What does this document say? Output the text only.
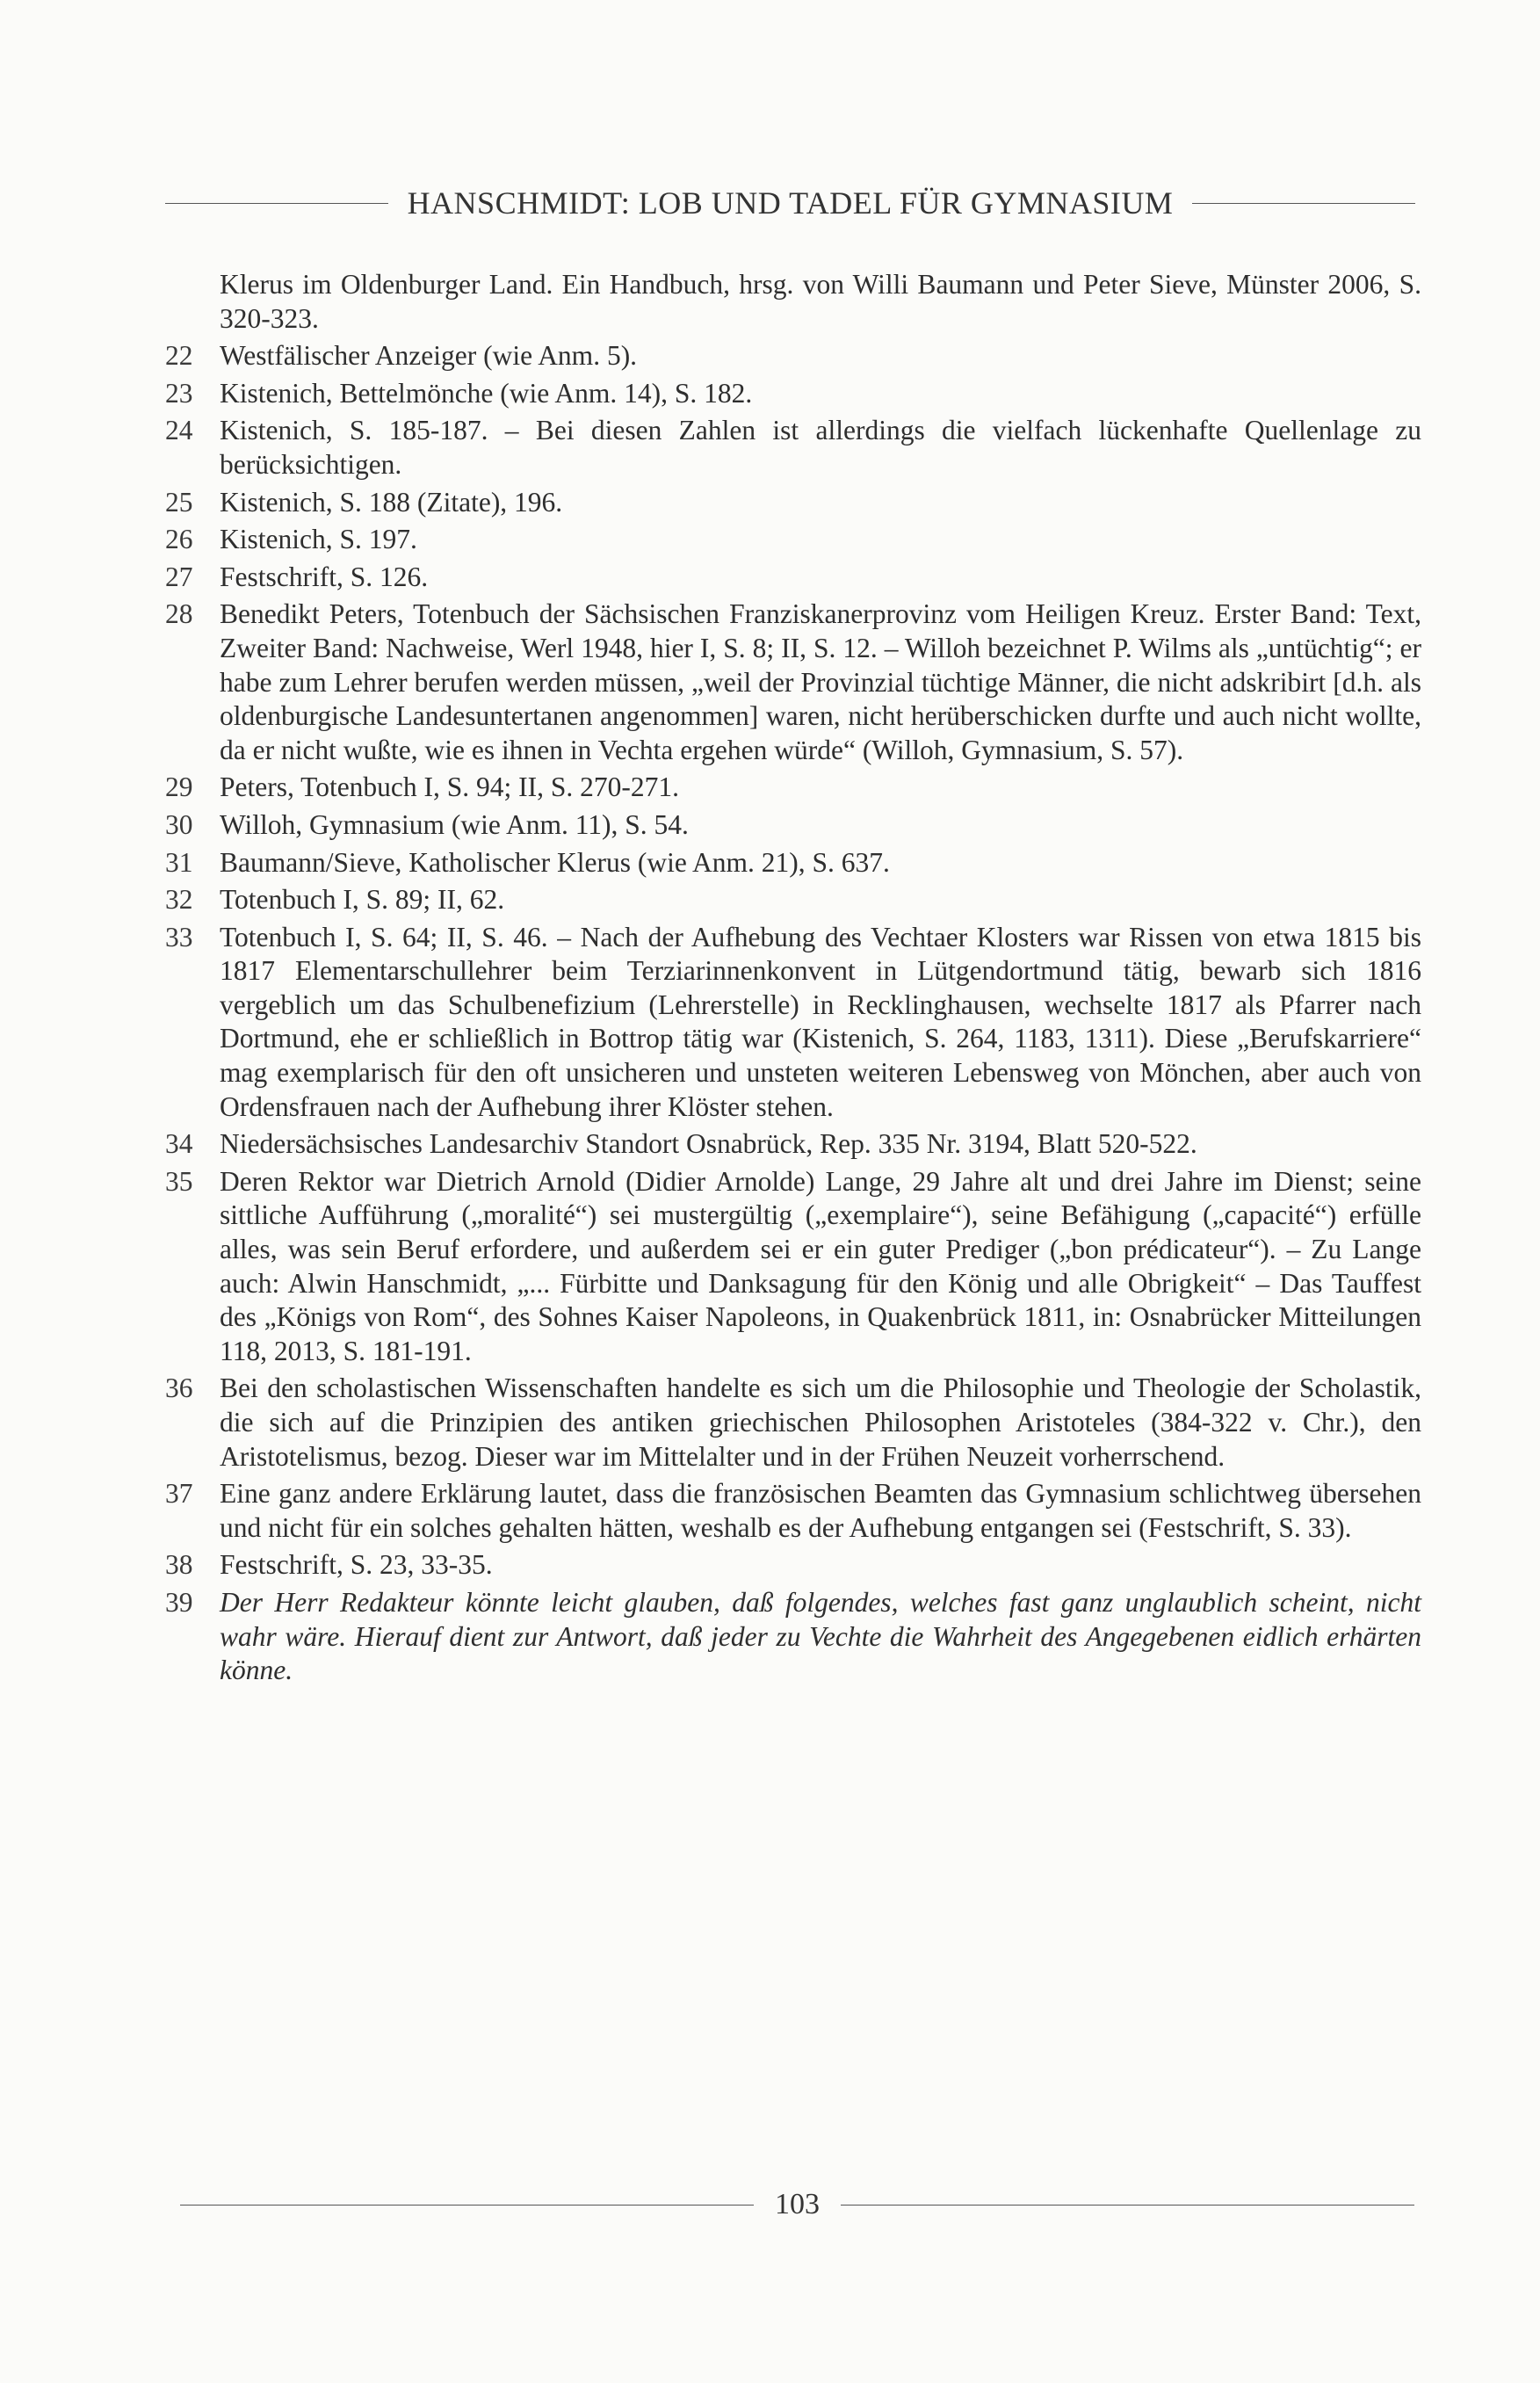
HANSCHMIDT: LOB UND TADEL FÜR GYMNASIUM
Klerus im Oldenburger Land. Ein Handbuch, hrsg. von Willi Baumann und Peter Sieve, Münster 2006, S. 320-323.
22 Westfälischer Anzeiger (wie Anm. 5).
23 Kistenich, Bettelmönche (wie Anm. 14), S. 182.
24 Kistenich, S. 185-187. – Bei diesen Zahlen ist allerdings die vielfach lückenhafte Quellenlage zu berücksichtigen.
25 Kistenich, S. 188 (Zitate), 196.
26 Kistenich, S. 197.
27 Festschrift, S. 126.
28 Benedikt Peters, Totenbuch der Sächsischen Franziskanerprovinz vom Heiligen Kreuz. Erster Band: Text, Zweiter Band: Nachweise, Werl 1948, hier I, S. 8; II, S. 12. – Willoh bezeichnet P. Wilms als „untüchtig“; er habe zum Lehrer berufen werden müssen, „weil der Provinzial tüchtige Männer, die nicht adskribirt [d.h. als oldenburgische Landesuntertanen angenommen] waren, nicht herüberschicken durfte und auch nicht wollte, da er nicht wußte, wie es ihnen in Vechta ergehen würde“ (Willoh, Gymnasium, S. 57).
29 Peters, Totenbuch I, S. 94; II, S. 270-271.
30 Willoh, Gymnasium (wie Anm. 11), S. 54.
31 Baumann/Sieve, Katholischer Klerus (wie Anm. 21), S. 637.
32 Totenbuch I, S. 89; II, 62.
33 Totenbuch I, S. 64; II, S. 46. – Nach der Aufhebung des Vechtaer Klosters war Rissen von etwa 1815 bis 1817 Elementarschullehrer beim Terziarinnenkonvent in Lütgendortmund tätig, bewarb sich 1816 vergeblich um das Schulbenefizium (Lehrerstelle) in Recklinghausen, wechselte 1817 als Pfarrer nach Dortmund, ehe er schließlich in Bottrop tätig war (Kistenich, S. 264, 1183, 1311). Diese „Berufskarriere“ mag exemplarisch für den oft unsicheren und unsteten weiteren Lebensweg von Mönchen, aber auch von Ordensfrauen nach der Aufhebung ihrer Klöster stehen.
34 Niedersächsisches Landesarchiv Standort Osnabrück, Rep. 335 Nr. 3194, Blatt 520-522.
35 Deren Rektor war Dietrich Arnold (Didier Arnolde) Lange, 29 Jahre alt und drei Jahre im Dienst; seine sittliche Aufführung („moralité“) sei mustergültig („exemplaire“), seine Befähigung („capacité“) erfülle alles, was sein Beruf erfordere, und außerdem sei er ein guter Prediger („bon prédicateur“). – Zu Lange auch: Alwin Hanschmidt, „... Fürbitte und Danksagung für den König und alle Obrigkeit“ – Das Tauffest des „Königs von Rom“, des Sohnes Kaiser Napoleons, in Quakenbrück 1811, in: Osnabrücker Mitteilungen 118, 2013, S. 181-191.
36 Bei den scholastischen Wissenschaften handelte es sich um die Philosophie und Theologie der Scholastik, die sich auf die Prinzipien des antiken griechischen Philosophen Aristoteles (384-322 v. Chr.), den Aristotelismus, bezog. Dieser war im Mittelalter und in der Frühen Neuzeit vorherrschend.
37 Eine ganz andere Erklärung lautet, dass die französischen Beamten das Gymnasium schlichtweg übersehen und nicht für ein solches gehalten hätten, weshalb es der Aufhebung entgangen sei (Festschrift, S. 33).
38 Festschrift, S. 23, 33-35.
39 Der Herr Redakteur könnte leicht glauben, daß folgendes, welches fast ganz unglaublich scheint, nicht wahr wäre. Hierauf dient zur Antwort, daß jeder zu Vechte die Wahrheit des Angegebenen eidlich erhärten könne.
103
